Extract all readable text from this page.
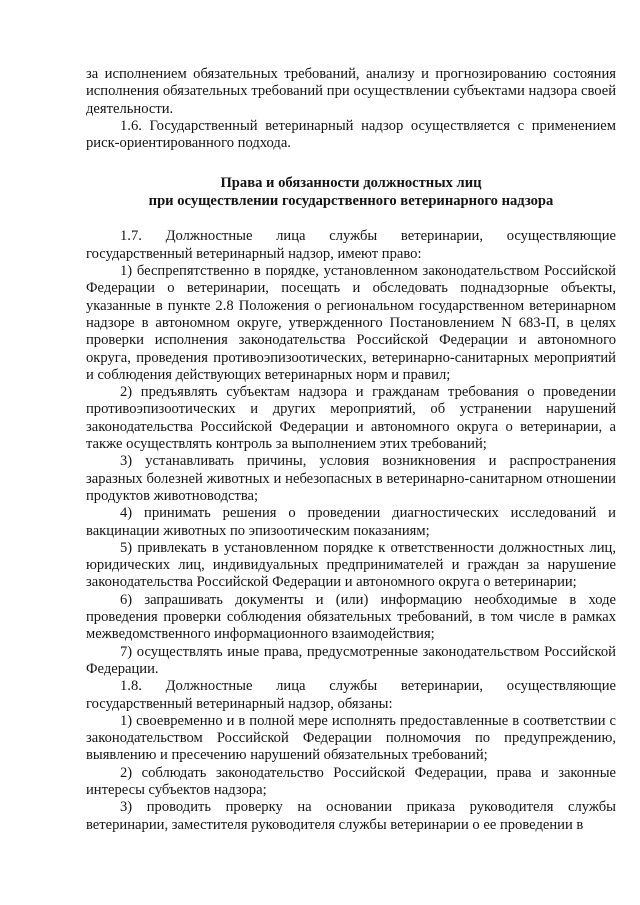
за исполнением обязательных требований, анализу и прогнозированию состояния исполнения обязательных требований при осуществлении субъектами надзора своей деятельности.

1.6. Государственный ветеринарный надзор осуществляется с применением риск-ориентированного подхода.

Права и обязанности должностных лиц
при осуществлении государственного ветеринарного надзора

1.7. Должностные лица службы ветеринарии, осуществляющие государственный ветеринарный надзор, имеют право:

1) беспрепятственно в порядке, установленном законодательством Российской Федерации о ветеринарии, посещать и обследовать поднадзорные объекты, указанные в пункте 2.8 Положения о региональном государственном ветеринарном надзоре в автономном округе, утвержденного Постановлением N 683-П, в целях проверки исполнения законодательства Российской Федерации и автономного округа, проведения противоэпизоотических, ветеринарно-санитарных мероприятий и соблюдения действующих ветеринарных норм и правил;

2) предъявлять субъектам надзора и гражданам требования о проведении противоэпизоотических и других мероприятий, об устранении нарушений законодательства Российской Федерации и автономного округа о ветеринарии, а также осуществлять контроль за выполнением этих требований;

3) устанавливать причины, условия возникновения и распространения заразных болезней животных и небезопасных в ветеринарно-санитарном отношении продуктов животноводства;

4) принимать решения о проведении диагностических исследований и вакцинации животных по эпизоотическим показаниям;

5) привлекать в установленном порядке к ответственности должностных лиц, юридических лиц, индивидуальных предпринимателей и граждан за нарушение законодательства Российской Федерации и автономного округа о ветеринарии;

6) запрашивать документы и (или) информацию необходимые в ходе проведения проверки соблюдения обязательных требований, в том числе в рамках межведомственного информационного взаимодействия;

7) осуществлять иные права, предусмотренные законодательством Российской Федерации.

1.8. Должностные лица службы ветеринарии, осуществляющие государственный ветеринарный надзор, обязаны:

1) своевременно и в полной мере исполнять предоставленные в соответствии с законодательством Российской Федерации полномочия по предупреждению, выявлению и пресечению нарушений обязательных требований;

2) соблюдать законодательство Российской Федерации, права и законные интересы субъектов надзора;

3) проводить проверку на основании приказа руководителя службы ветеринарии, заместителя руководителя службы ветеринарии о ее проведении в
